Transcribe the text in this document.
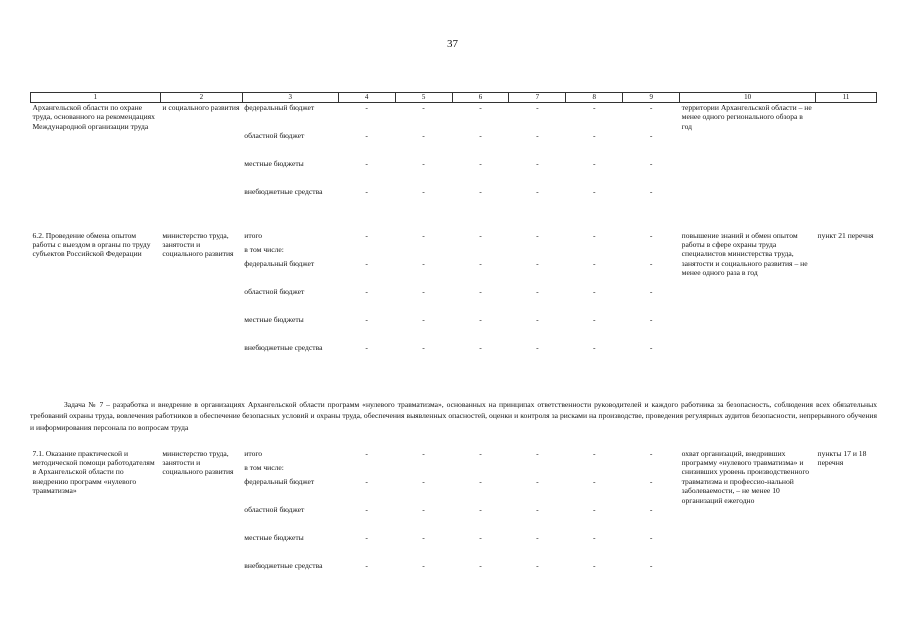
37
1	2	3	4	5	6	7	8	9	10	11
Архангельской области по охране труда, основанного на рекомендациях Международной организации труда	и социального развития	федеральный бюджет	-	-	-	-	-	-	территории Архангельской области – не менее одного регионального обзора в год	
		областной бюджет	-	-	-	-	-	-		
		местные бюджеты	-	-	-	-	-	-		
		внебюджетные средства	-	-	-	-	-	-		

6.2. Проведение обмена опытом работы с выездом в органы по труду субъектов Российской Федерации	министерство труда, занятости и социального развития	итого	-	-	-	-	-	-	повышение знаний и обмен опытом работы в сфере охраны труда специалистов министерства труда, занятости и социального развития – не менее одного раза в год	пункт 21 перечня
		в том числе:								
		федеральный бюджет	-	-	-	-	-	-		
		областной бюджет	-	-	-	-	-	-		
		местные бюджеты	-	-	-	-	-	-		
		внебюджетные средства	-	-	-	-	-	-		

7.1. Оказание практической и методической помощи работодателям в Архангельской области по внедрению программ «нулевого травматизма»	министерство труда, занятости и социального развития	итого	-	-	-	-	-	-	охват организаций, внедривших программу «нулевого травматизма» и снизивших уровень производственного травматизма и профессио-нальной заболеваемости, – не менее 10 организаций ежегодно	пункты 17 и 18 перечня
		в том числе:								
		федеральный бюджет	-	-	-	-	-	-		
		областной бюджет	-	-	-	-	-	-		
		местные бюджеты	-	-	-	-	-	-		
		внебюджетные средства	-	-	-	-	-	-		
Задача № 7 – разработка и внедрение в организациях Архангельской области программ «нулевого травматизма», основанных на принципах ответственности руководителей и каждого работника за безопасность, соблюдения всех обязательных требований охраны труда, вовлечения работников в обеспечение безопасных условий и охраны труда, обеспечения выявленных опасностей, оценки и контроля за рисками на производстве, проведения регулярных аудитов безопасности, непрерывного обучения и информирования персонала по вопросам труда
